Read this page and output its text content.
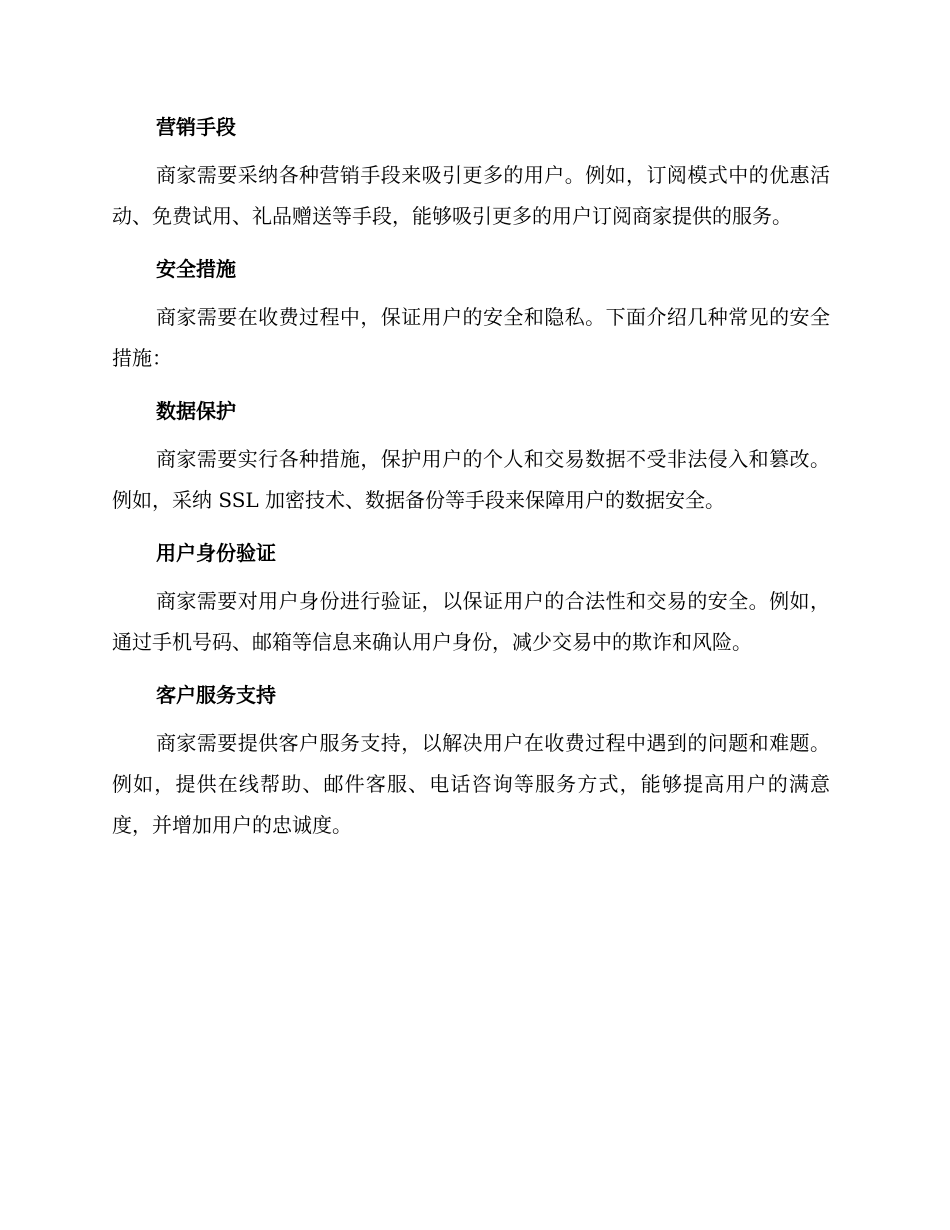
营销手段

商家需要采纳各种营销手段来吸引更多的用户。例如，订阅模式中的优惠活动、免费试用、礼品赠送等手段，能够吸引更多的用户订阅商家提供的服务。

安全措施

商家需要在收费过程中，保证用户的安全和隐私。下面介绍几种常见的安全措施：

数据保护

商家需要实行各种措施，保护用户的个人和交易数据不受非法侵入和篡改。例如，采纳 SSL 加密技术、数据备份等手段来保障用户的数据安全。

用户身份验证

商家需要对用户身份进行验证，以保证用户的合法性和交易的安全。例如，通过手机号码、邮箱等信息来确认用户身份，减少交易中的欺诈和风险。

客户服务支持

商家需要提供客户服务支持，以解决用户在收费过程中遇到的问题和难题。例如，提供在线帮助、邮件客服、电话咨询等服务方式，能够提高用户的满意度，并增加用户的忠诚度。
